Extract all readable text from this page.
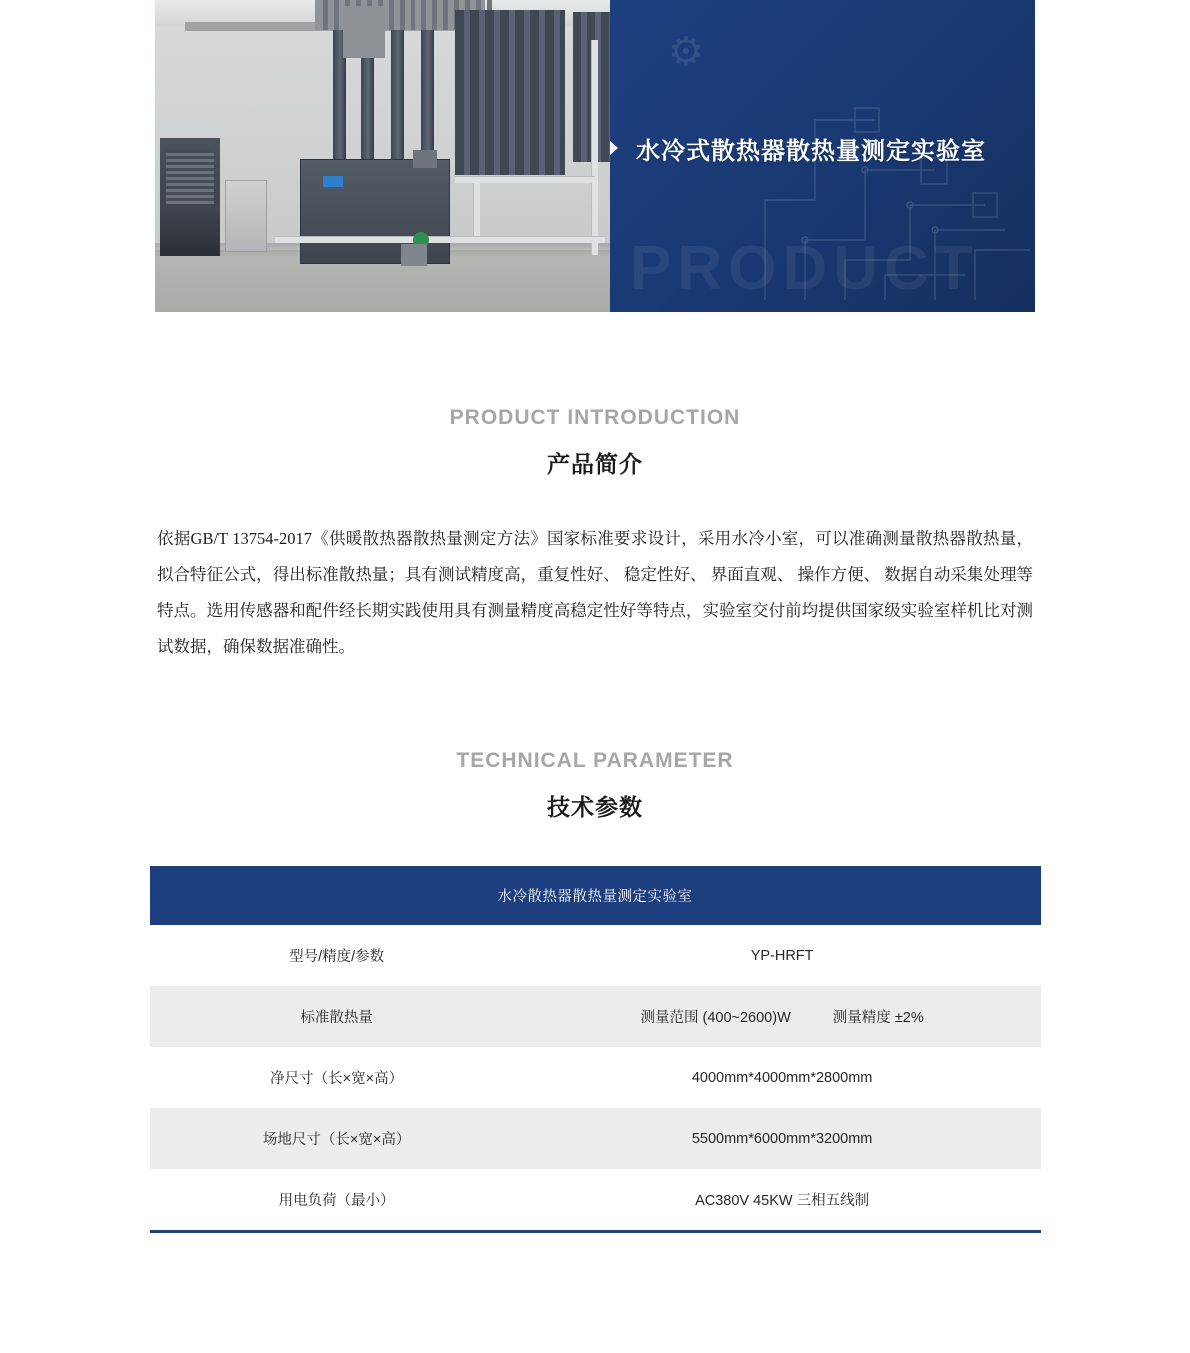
⚙
PRODUCT
水冷式散热器散热量测定实验室
PRODUCT INTRODUCTION
产品简介

依据GB/T 13754-2017《供暖散热器散热量测定方法》国家标准要求设计，采用水冷小室，可以准确测量散热器散热量，拟合特征公式，得出标准散热量；具有测试精度高，重复性好、 稳定性好、 界面直观、 操作方便、 数据自动采集处理等特点。选用传感器和配件经长期实践使用具有测量精度高稳定性好等特点，实验室交付前均提供国家级实验室样机比对测试数据，确保数据准确性。

TECHNICAL PARAMETER
技术参数
水冷散热器散热量测定实验室
型号/精度/参数	YP-HRFT
标准散热量	测量范围 (400~2600)W 测量精度 ±2%
净尺寸（长×宽×高）	4000mm*4000mm*2800mm
场地尺寸（长×宽×高）	5500mm*6000mm*3200mm
用电负荷（最小）	AC380V 45KW 三相五线制
